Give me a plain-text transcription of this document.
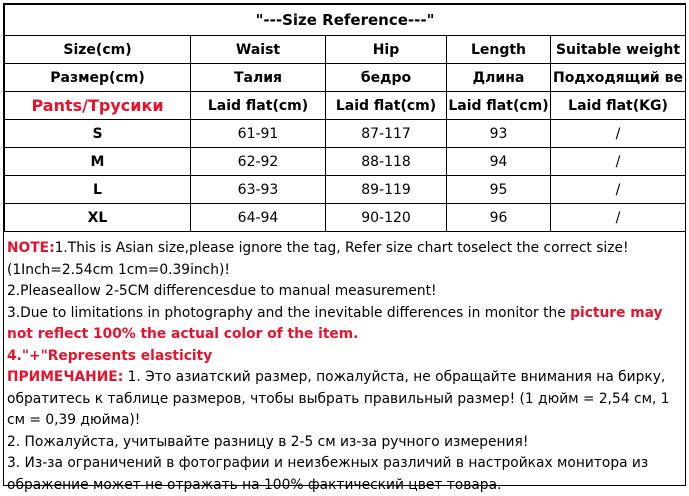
"---Size Reference---"				
Size(cm)	Waist	Hip	Length	Suitable weight
Размер(cm)	Талия	бедро	Длина	Подходящий ве
Pants/Трусики	Laid flat(cm)	Laid flat(cm)	Laid flat(cm)	Laid flat(KG)
S	61-91	87-117	93	/
M	62-92	88-118	94	/
L	63-93	89-119	95	/
XL	64-94	90-120	96	/

NOTE:1.This is Asian size,please ignore the tag, Refer size chart toselect the correct size!(1Inch=2.54cm 1cm=0.39inch)!

2.Pleaseallow 2-5CM differencesdue to manual measurement!

3.Due to limitations in photography and the inevitable differences in monitor the picture may not reflect 100% the actual color of the item.

4."+"Represents elasticity

ПРИМЕЧАНИЕ: 1. Это азиатский размер, пожалуйста, не обращайте внимания на бирку, обратитесь к таблице размеров, чтобы выбрать правильный размер! (1 дюйм = 2,54 см, 1 см = 0,39 дюйма)!

2. Пожалуйста, учитывайте разницу в 2-5 см из-за ручного измерения!

3. Из-за ограничений в фотографии и неизбежных различий в настройках монитора из ображение может не отражать на 100% фактический цвет товара.
